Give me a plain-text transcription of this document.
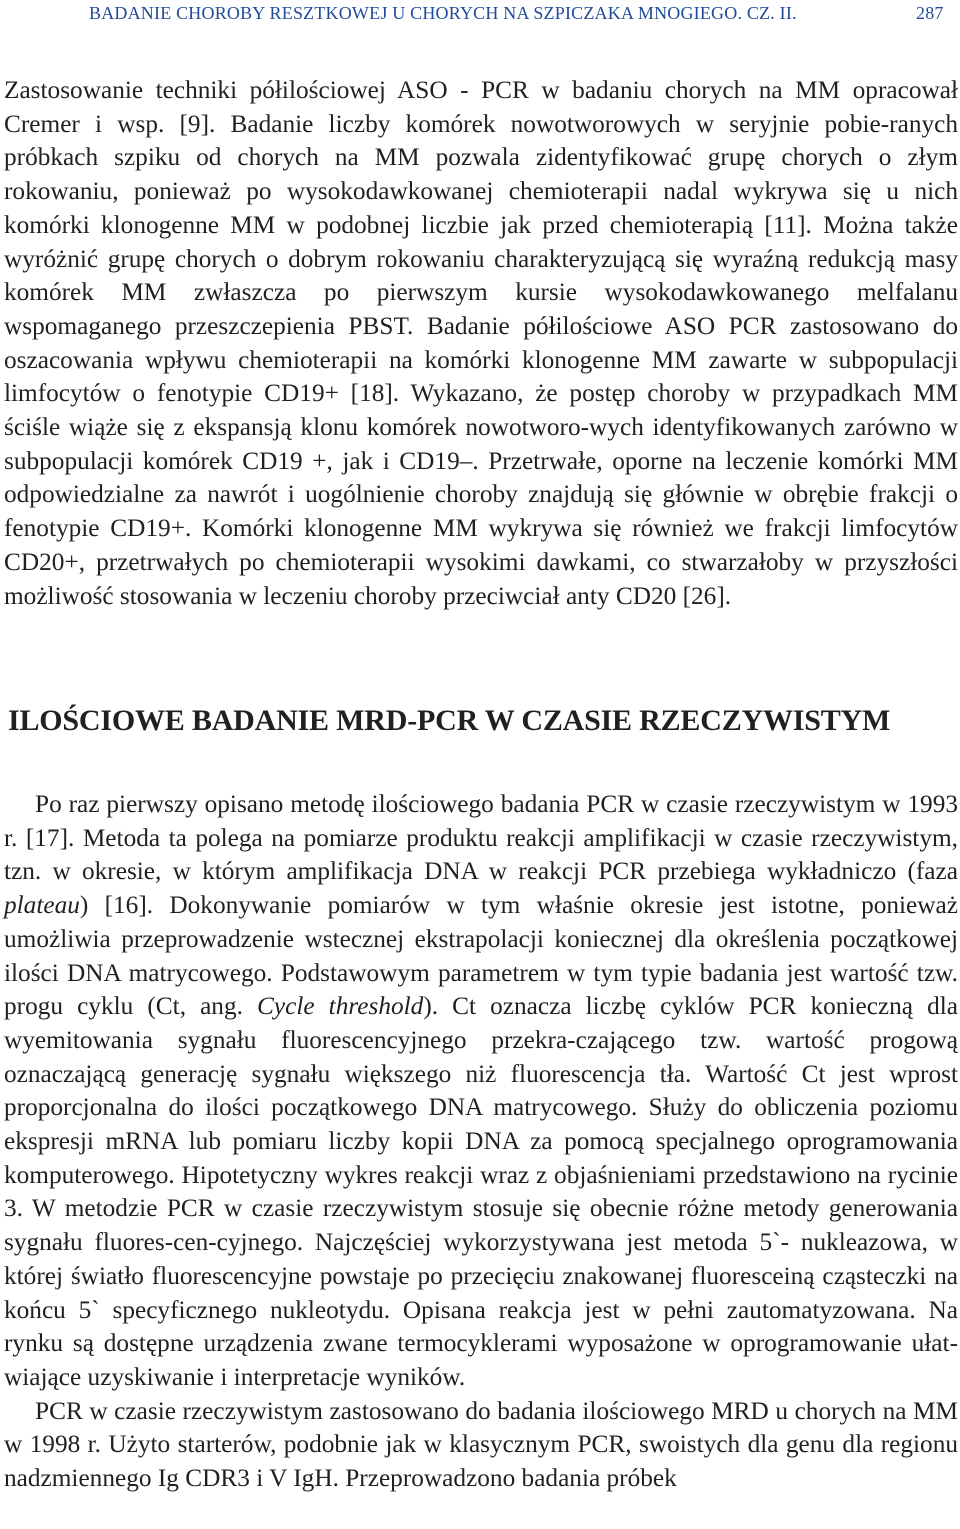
BADANIE CHOROBY RESZTKOWEJ U CHORYCH NA SZPICZAKA MNOGIEGO. CZ. II.	287

Zastosowanie techniki półilościowej ASO - PCR w badaniu chorych na MM opracował Cremer i wsp. [9]. Badanie liczby komórek nowotworowych w seryjnie pobie-ranych próbkach szpiku od chorych na MM pozwala zidentyfikować grupę chorych o złym rokowaniu, ponieważ po wysokodawkowanej chemioterapii nadal wykrywa się u nich komórki klonogenne MM w podobnej liczbie jak przed chemioterapią [11]. Można także wyróżnić grupę chorych o dobrym rokowaniu charakteryzującą się wyraźną redukcją masy komórek MM zwłaszcza po pierwszym kursie wysokodawkowanego melfalanu wspomaganego przeszczepienia PBST. Badanie półilościowe ASO PCR zastosowano do oszacowania wpływu chemioterapii na komórki klonogenne MM zawarte w subpopulacji limfocytów o fenotypie CD19+ [18]. Wykazano, że postęp choroby w przypadkach MM ściśle wiąże się z ekspansją klonu komórek nowotworo-wych identyfikowanych zarówno w subpopulacji komórek CD19 +, jak i CD19–. Przetrwałe, oporne na leczenie komórki MM odpowiedzialne za nawrót i uogólnienie choroby znajdują się głównie w obrębie frakcji o fenotypie CD19+. Komórki klonogenne MM wykrywa się również we frakcji limfocytów CD20+, przetrwałych po chemioterapii wysokimi dawkami, co stwarzałoby w przyszłości możliwość stosowania w leczeniu choroby przeciwciał anty CD20 [26].

ILOŚCIOWE BADANIE MRD-PCR W CZASIE RZECZYWISTYM

Po raz pierwszy opisano metodę ilościowego badania PCR w czasie rzeczywistym w 1993 r. [17]. Metoda ta polega na pomiarze produktu reakcji amplifikacji w czasie rzeczywistym, tzn. w okresie, w którym amplifikacja DNA w reakcji PCR przebiega wykładniczo (faza plateau) [16]. Dokonywanie pomiarów w tym właśnie okresie jest istotne, ponieważ umożliwia przeprowadzenie wstecznej ekstrapolacji koniecznej dla określenia początkowej ilości DNA matrycowego. Podstawowym parametrem w tym typie badania jest wartość tzw. progu cyklu (Ct, ang. Cycle threshold). Ct oznacza liczbę cyklów PCR konieczną dla wyemitowania sygnału fluorescencyjnego przekra-czającego tzw. wartość progową oznaczającą generację sygnału większego niż fluorescencja tła. Wartość Ct jest wprost proporcjonalna do ilości początkowego DNA matrycowego. Służy do obliczenia poziomu ekspresji mRNA lub pomiaru liczby kopii DNA za pomocą specjalnego oprogramowania komputerowego. Hipotetyczny wykres reakcji wraz z objaśnieniami przedstawiono na rycinie 3. W metodzie PCR w czasie rzeczywistym stosuje się obecnie różne metody generowania sygnału fluores-cen-cyjnego. Najczęściej wykorzystywana jest metoda 5`- nukleazowa, w której światło fluorescencyjne powstaje po przecięciu znakowanej fluoresceiną cząsteczki na końcu 5` specyficznego nukleotydu. Opisana reakcja jest w pełni zautomatyzowana. Na rynku są dostępne urządzenia zwane termocyklerami wyposażone w oprogramowanie ułat-wiające uzyskiwanie i interpretacje wyników.

PCR w czasie rzeczywistym zastosowano do badania ilościowego MRD u chorych na MM w 1998 r. Użyto starterów, podobnie jak w klasycznym PCR, swoistych dla genu dla regionu nadzmiennego Ig CDR3 i V IgH. Przeprowadzono badania próbek
